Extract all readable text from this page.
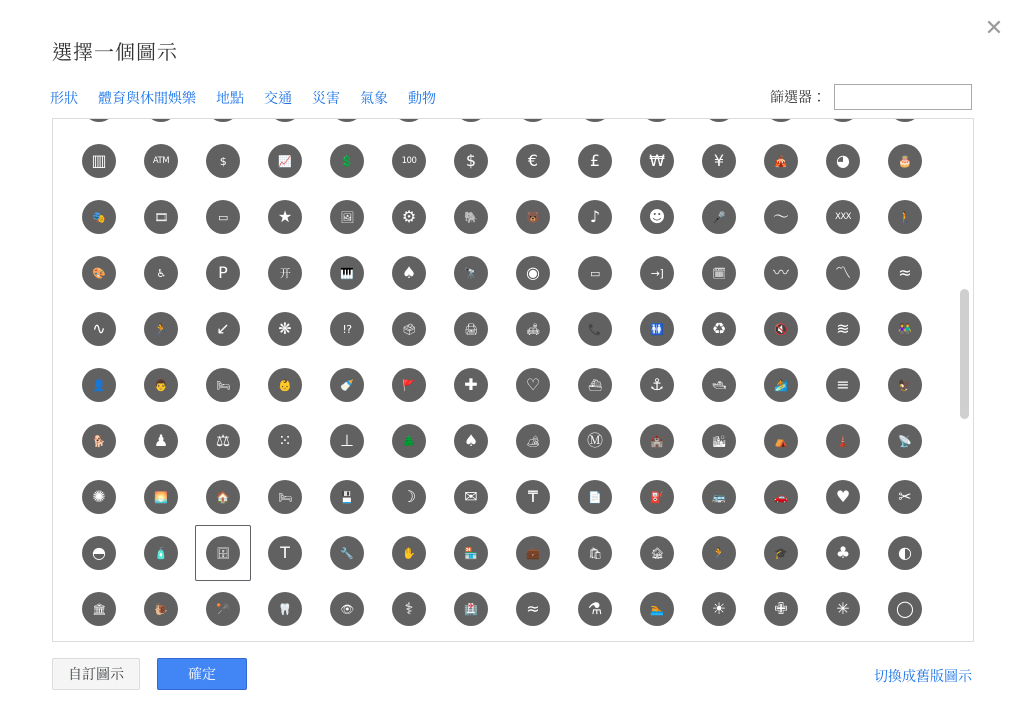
✕
選擇一個圖示
形狀	體育與休閒娛樂	地點	交通	災害	氣象	動物	篩選器：
▥	ATM	$	📈	💲	100	$	€	£	₩	¥	🎪	◕	🎂
🎭	🎞	▭	★	🖼	⚙	🐘	🐻	♪	☻	🎤	〜	XXX	🚶
🎨	♿	P	开	🎹	♠	🔭	◉	▭	→]	🗓	〰	〽	≈
∿	🏃	↙	❋	!?	🗳	🖨	🛋	📞	🚻	♻	🔇	≋	👫
👤	👨	🛏	👶	🍼	🚩	✚	♡	⛴	⚓	🛥	🏄	≡	🦅
🐕	♟	⚖	⁙	⊥	🌲	♠	🏕	Ⓜ	🏰	🏙	⛺	🗼	📡
✺	🌅	🏠	🛏	💾	☽	✉	₸	📄	⛽	🚌	🚗	♥	✂
◓	🧴	🗄	T	🔧	✋	🏪	💼	🛍	🏚	🏃	🎓	♣	◐
🏛	🐌	🥍	🦷	👁	⚕	🏥	≈	⚗	🏊	☀	✙	✳	◯
自訂圖示	確定	切換成舊版圖示
